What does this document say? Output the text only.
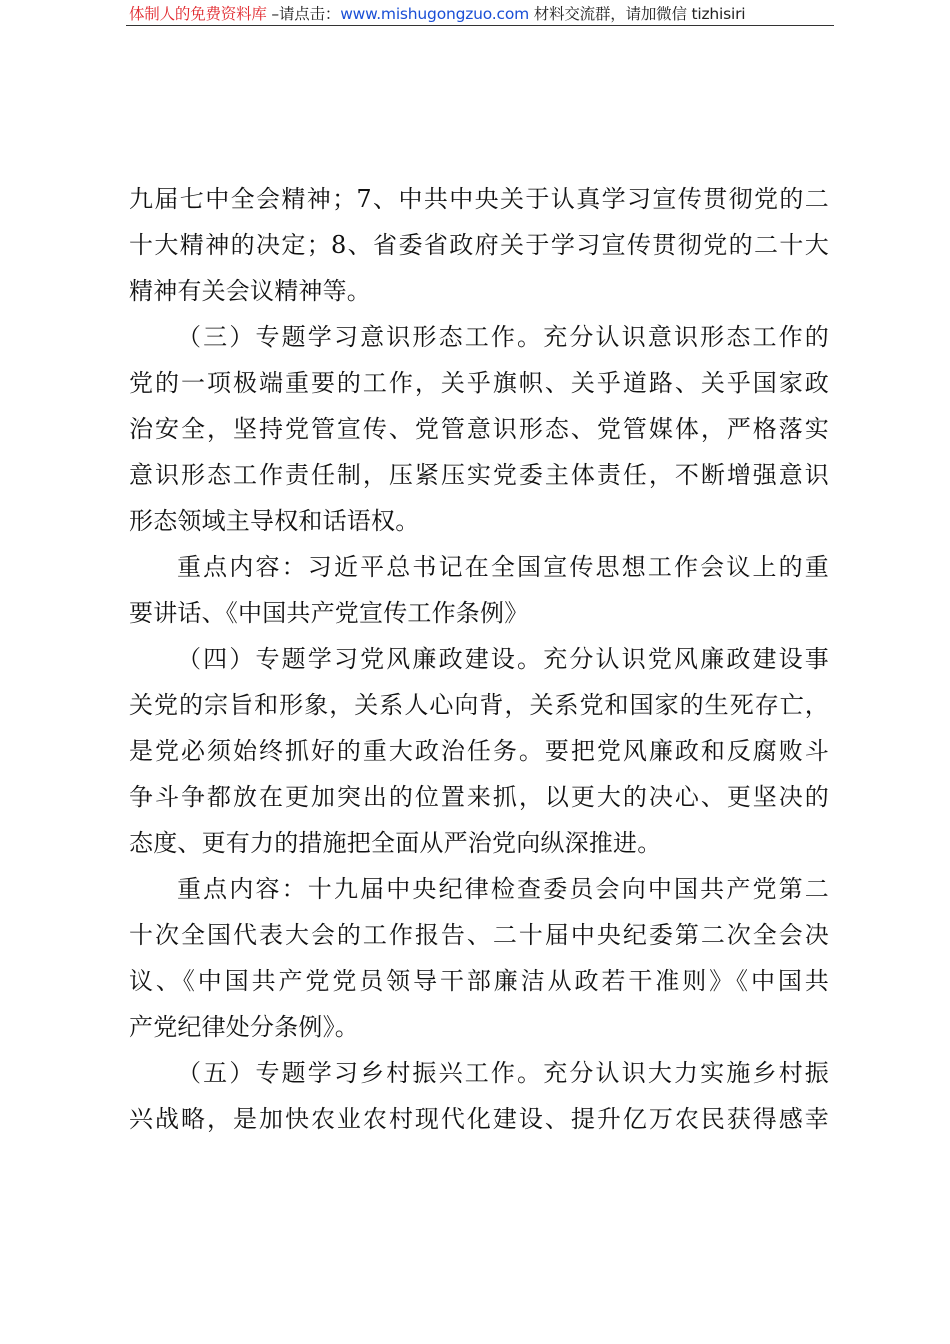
体制人的免费资料库 –请点击：www.mishugongzuo.com 材料交流群，请加微信 tizhisiri
九届七中全会精神；7、中共中央关于认真学习宣传贯彻党的二
十大精神的决定；8、省委省政府关于学习宣传贯彻党的二十大
精神有关会议精神等。
（三）专题学习意识形态工作。充分认识意识形态工作的
党的一项极端重要的工作，关乎旗帜、关乎道路、关乎国家政
治安全，坚持党管宣传、党管意识形态、党管媒体，严格落实
意识形态工作责任制，压紧压实党委主体责任，不断增强意识
形态领域主导权和话语权。
重点内容：习近平总书记在全国宣传思想工作会议上的重
要讲话、《中国共产党宣传工作条例》
（四）专题学习党风廉政建设。充分认识党风廉政建设事
关党的宗旨和形象，关系人心向背，关系党和国家的生死存亡，
是党必须始终抓好的重大政治任务。要把党风廉政和反腐败斗
争斗争都放在更加突出的位置来抓，以更大的决心、更坚决的
态度、更有力的措施把全面从严治党向纵深推进。
重点内容：十九届中央纪律检查委员会向中国共产党第二
十次全国代表大会的工作报告、二十届中央纪委第二次全会决
议、《中国共产党党员领导干部廉洁从政若干准则》《中国共
产党纪律处分条例》。
（五）专题学习乡村振兴工作。充分认识大力实施乡村振
兴战略，是加快农业农村现代化建设、提升亿万农民获得感幸
